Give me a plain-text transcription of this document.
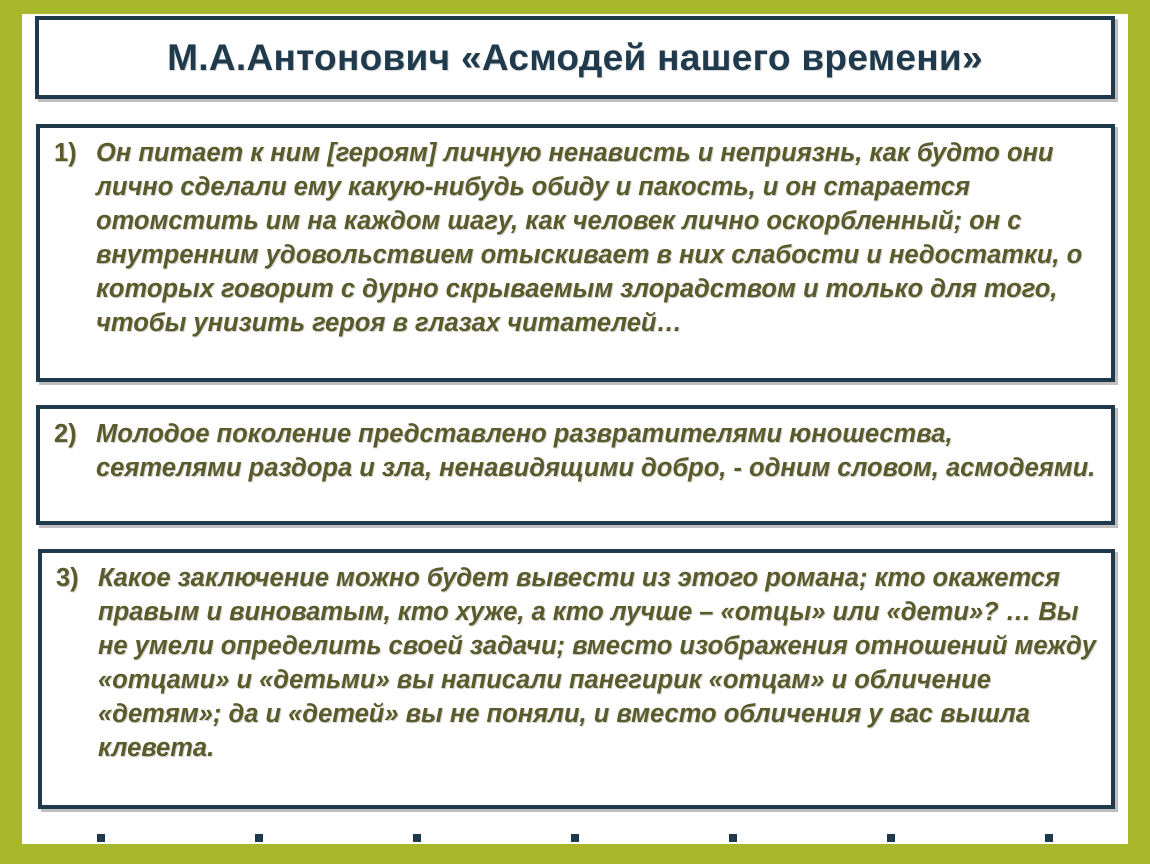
М.А.Антонович «Асмодей нашего времени»

1) Он питает к ним [героям] личную ненависть и неприязнь, как будто они лично сделали ему какую-нибудь обиду и пакость, и он старается отомстить им на каждом шагу, как человек лично оскорбленный; он с внутренним удовольствием отыскивает в них слабости и недостатки, о которых говорит с дурно скрываемым злорадством и только для того, чтобы унизить героя в глазах читателей…

2) Молодое поколение представлено развратителями юношества, сеятелями раздора и зла, ненавидящими добро, - одним словом, асмодеями.

3) Какое заключение можно будет вывести из этого романа; кто окажется правым и виноватым, кто хуже, а кто лучше – «отцы» или «дети»? … Вы не умели определить своей задачи; вместо изображения отношений между «отцами» и «детьми» вы написали панегирик «отцам» и обличение «детям»; да и «детей» вы не поняли, и вместо обличения у вас вышла клевета.
